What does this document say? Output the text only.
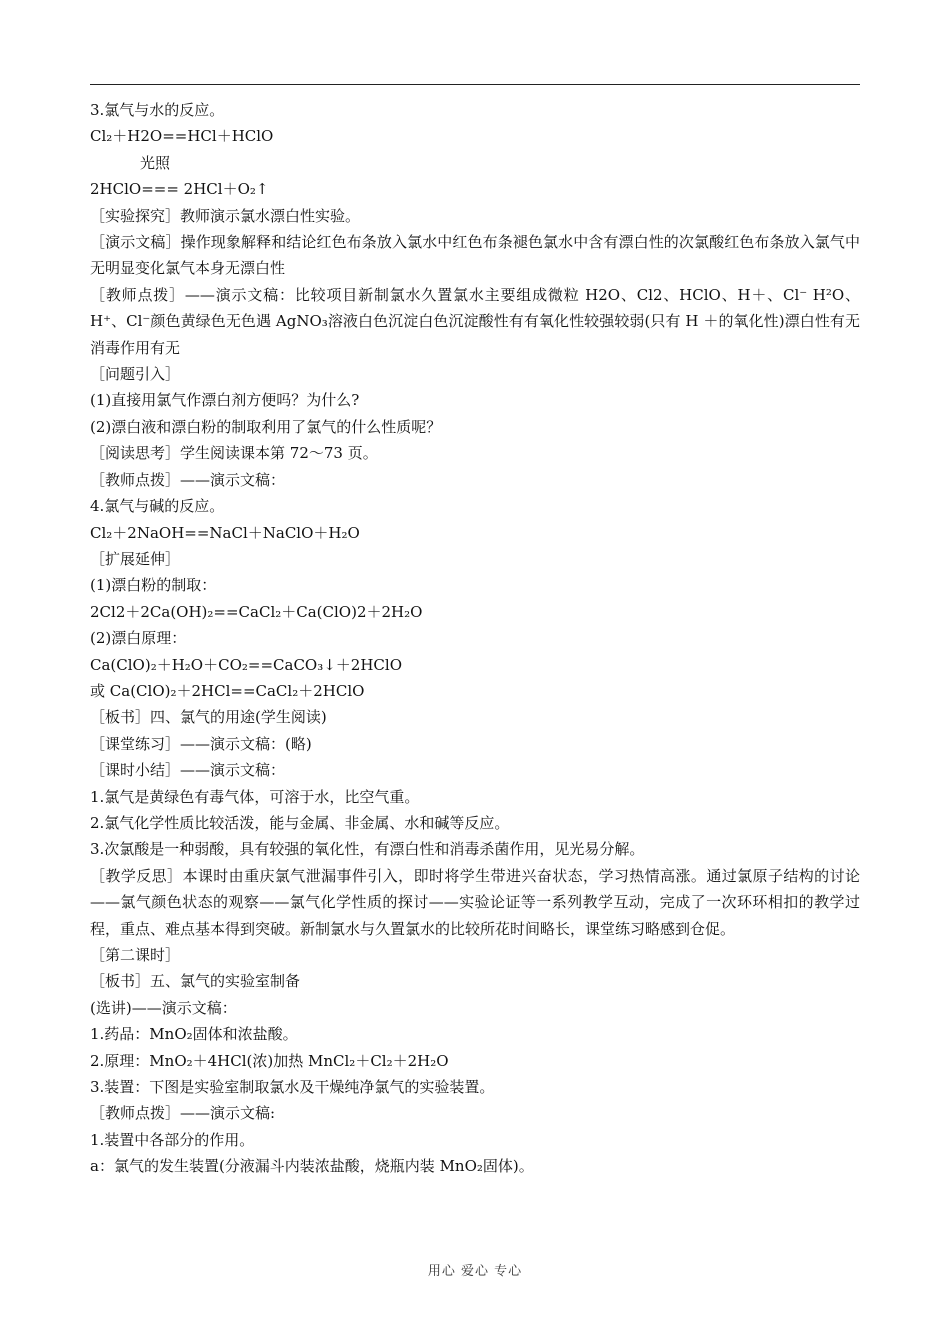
3.氯气与水的反应。
Cl₂＋H2O==HCl＋HClO
光照
2HClO=== 2HCl＋O₂↑
［实验探究］教师演示氯水漂白性实验。
［演示文稿］操作现象解释和结论红色布条放入氯水中红色布条褪色氯水中含有漂白性的次氯酸红色布条放入氯气中无明显变化氯气本身无漂白性
［教师点拨］——演示文稿：比较项目新制氯水久置氯水主要组成微粒 H2O、Cl2、HClO、H＋、Cl⁻ H²O、H⁺、Cl⁻颜色黄绿色无色遇 AgNO₃溶液白色沉淀白色沉淀酸性有有氧化性较强较弱(只有 H ＋的氧化性)漂白性有无消毒作用有无
［问题引入］
(1)直接用氯气作漂白剂方便吗？为什么?
(2)漂白液和漂白粉的制取利用了氯气的什么性质呢？
［阅读思考］学生阅读课本第 72～73 页。
［教师点拨］——演示文稿：
4.氯气与碱的反应。
Cl₂＋2NaOH==NaCl＋NaClO＋H₂O
［扩展延伸］
(1)漂白粉的制取：
2Cl2＋2Ca(OH)₂==CaCl₂＋Ca(ClO)2＋2H₂O
(2)漂白原理：
Ca(ClO)₂＋H₂O＋CO₂==CaCO₃↓＋2HClO
或 Ca(ClO)₂＋2HCl==CaCl₂＋2HClO
［板书］四、氯气的用途(学生阅读)
［课堂练习］——演示文稿：(略)
［课时小结］——演示文稿：
1.氯气是黄绿色有毒气体，可溶于水，比空气重。
2.氯气化学性质比较活泼，能与金属、非金属、水和碱等反应。
3.次氯酸是一种弱酸，具有较强的氧化性，有漂白性和消毒杀菌作用，见光易分解。
［教学反思］本课时由重庆氯气泄漏事件引入，即时将学生带进兴奋状态，学习热情高涨。通过氯原子结构的讨论——氯气颜色状态的观察——氯气化学性质的探讨——实验论证等一系列教学互动，完成了一次环环相扣的教学过程，重点、难点基本得到突破。新制氯水与久置氯水的比较所花时间略长，课堂练习略感到仓促。
［第二课时］
［板书］五、氯气的实验室制备
(选讲)——演示文稿：
1.药品：MnO₂固体和浓盐酸。
2.原理：MnO₂＋4HCl(浓)加热 MnCl₂＋Cl₂＋2H₂O
3.装置：下图是实验室制取氯水及干燥纯净氯气的实验装置。
［教师点拨］——演示文稿:
1.装置中各部分的作用。
a：氯气的发生装置(分液漏斗内装浓盐酸，烧瓶内装 MnO₂固体)。
用心 爱心 专心
